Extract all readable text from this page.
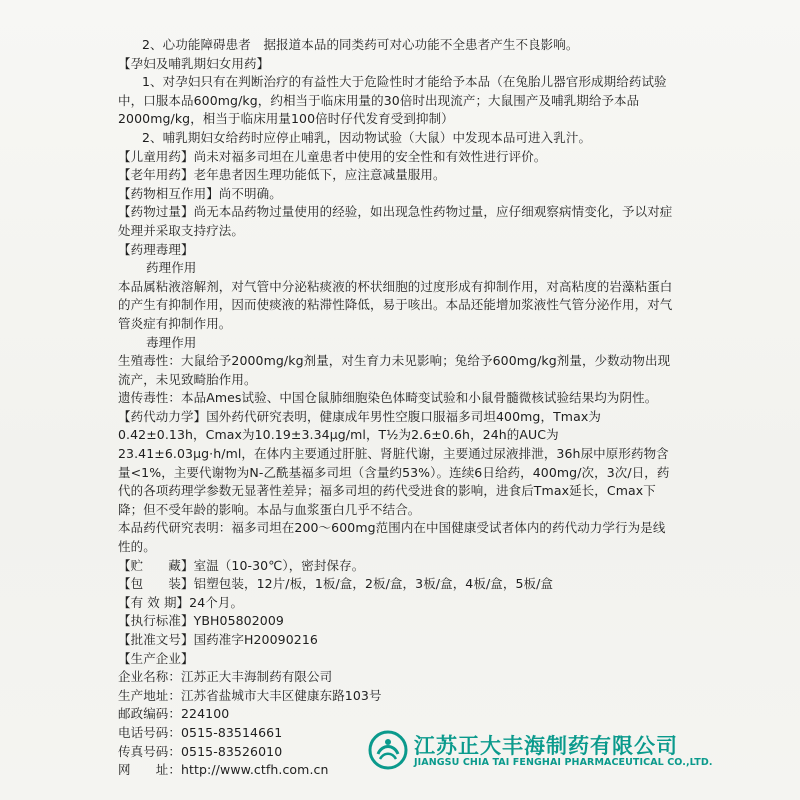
2、心功能障碍患者　据报道本品的同类药可对心功能不全患者产生不良影响。

【孕妇及哺乳期妇女用药】

1、对孕妇只有在判断治疗的有益性大于危险性时才能给予本品（在兔胎儿器官形成期给药试验中，口服本品600mg/kg，约相当于临床用量的30倍时出现流产；大鼠围产及哺乳期给予本品2000mg/kg，相当于临床用量100倍时仔代发育受到抑制）

2、哺乳期妇女给药时应停止哺乳，因动物试验（大鼠）中发现本品可进入乳汁。

【儿童用药】尚未对福多司坦在儿童患者中使用的安全性和有效性进行评价。

【老年用药】老年患者因生理功能低下，应注意减量服用。

【药物相互作用】尚不明确。

【药物过量】尚无本品药物过量使用的经验，如出现急性药物过量，应仔细观察病情变化，予以对症处理并采取支持疗法。

【药理毒理】

药理作用

本品属粘液溶解剂，对气管中分泌粘痰液的杯状细胞的过度形成有抑制作用，对高粘度的岩藻粘蛋白的产生有抑制作用，因而使痰液的粘滞性降低，易于咳出。本品还能增加浆液性气管分泌作用，对气管炎症有抑制作用。

毒理作用

生殖毒性：大鼠给予2000mg/kg剂量，对生育力未见影响；兔给予600mg/kg剂量，少数动物出现流产，未见致畸胎作用。

遗传毒性：本品Ames试验、中国仓鼠肺细胞染色体畸变试验和小鼠骨髓微核试验结果均为阴性。

【药代动力学】国外药代研究表明，健康成年男性空腹口服福多司坦400mg，Tmax为0.42±0.13h，Cmax为10.19±3.34μg/ml，T½为2.6±0.6h，24h的AUC为23.41±6.03μg·h/ml，在体内主要通过肝脏、肾脏代谢，主要通过尿液排泄，36h尿中原形药物含量<1%，主要代谢物为N-乙酰基福多司坦（含量约53%）。连续6日给药，400mg/次，3次/日，药代的各项药理学参数无显著性差异；福多司坦的药代受进食的影响，进食后Tmax延长，Cmax下降；但不受年龄的影响。本品与血浆蛋白几乎不结合。

本品药代研究表明：福多司坦在200～600mg范围内在中国健康受试者体内的药代动力学行为是线性的。

【贮　　藏】室温（10-30℃），密封保存。

【包　　装】铝塑包装，12片/板，1板/盒，2板/盒，3板/盒，4板/盒，5板/盒

【有 效 期】24个月。

【执行标准】YBH05802009

【批准文号】国药准字H20090216

【生产企业】

企业名称：江苏正大丰海制药有限公司

生产地址：江苏省盐城市大丰区健康东路103号

邮政编码：224100

电话号码：0515-83514661

传真号码：0515-83526010

网　　址：http://www.ctfh.com.cn

江苏正大丰海制药有限公司
JIANGSU CHIA TAI FENGHAI PHARMACEUTICAL CO.,LTD.
